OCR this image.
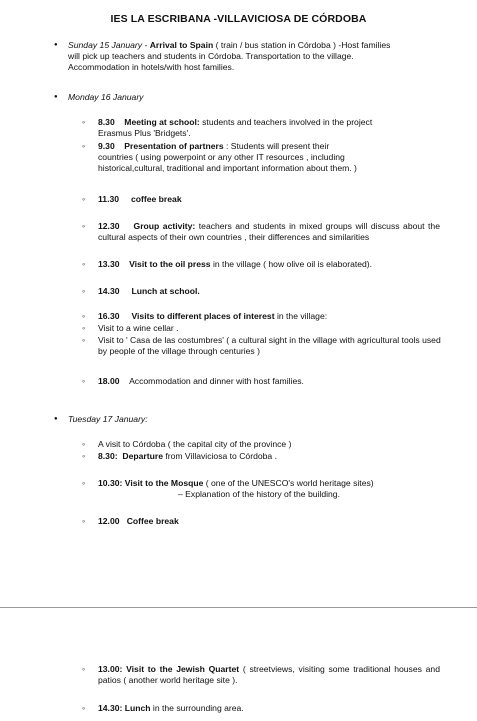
IES LA ESCRIBANA -VILLAVICIOSA DE CÓRDOBA
● Sunday 15 January - Arrival to Spain ( train / bus station in Córdoba ) -Host families
will pick up teachers and students in Córdoba. Transportation to the village.
Accommodation in hotels/with host families.
● Monday 16 January
◦ 8.30 Meeting at school: students and teachers involved in the project
Erasmus Plus 'Bridgets'.
◦ 9.30 Presentation of partners : Students will present their
countries ( using powerpoint or any other IT resources , including
historical,cultural, traditional and important information about them. )
◦ 11.30 coffee break
◦ 12.30 Group activity: teachers and students in mixed groups will discuss about the cultural aspects of their own countries , their differences and similarities
◦ 13.30 Visit to the oil press in the village ( how olive oil is elaborated).
◦ 14.30 Lunch at school.
◦ 16.30 Visits to different places of interest in the village:
◦ Visit to a wine cellar .
◦ Visit to ' Casa de las costumbres' ( a cultural sight in the village with agricultural tools used by people of the village through centuries )
◦ 18.00 Accommodation and dinner with host families.
● Tuesday 17 January:
◦ A visit to Córdoba ( the capital city of the province )
◦ 8.30: Departure from Villaviciosa to Córdoba .
◦ 10.30: Visit to the Mosque ( one of the UNESCO's world heritage sites)
– Explanation of the history of the building.
◦ 12.00 Coffee break
◦ 13.00: Visit to the Jewish Quartet ( streetviews, visiting some traditional houses and patios ( another world heritage site ).
◦ 14.30: Lunch in the surrounding area.
